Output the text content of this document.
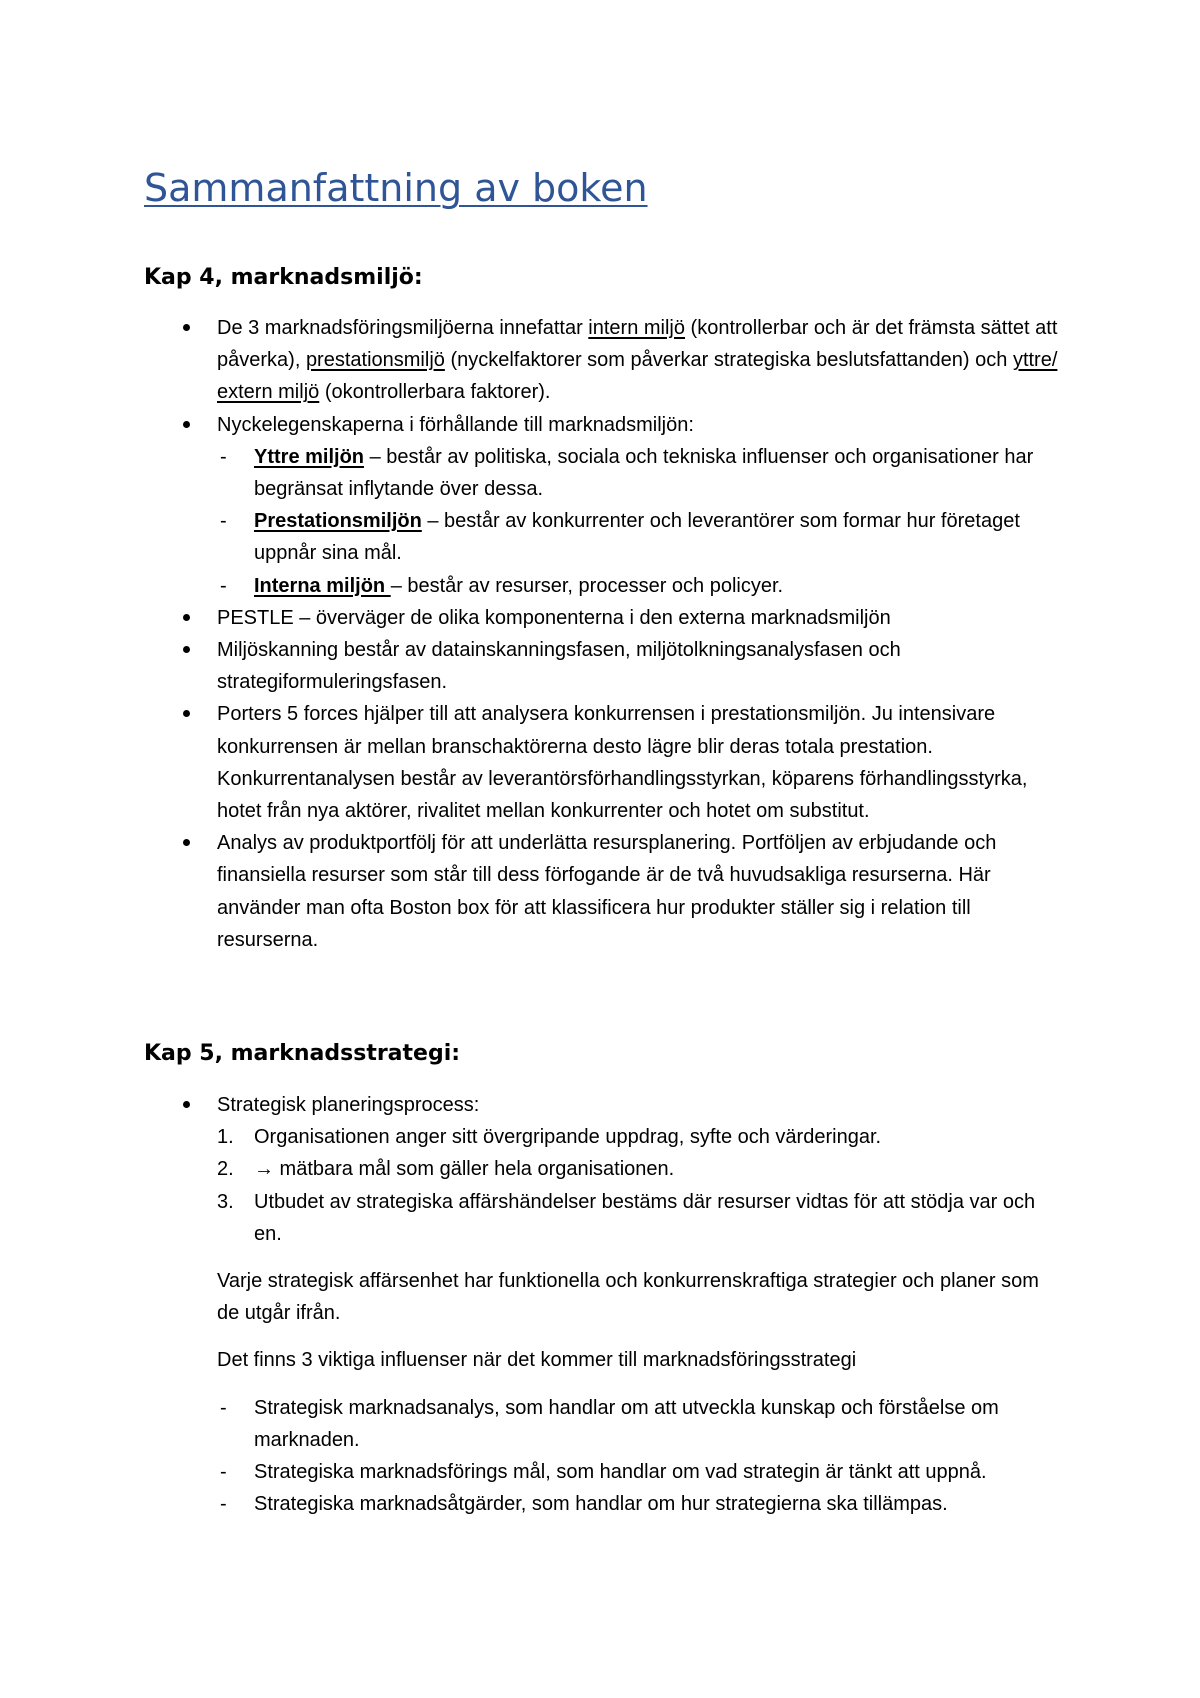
Sammanfattning av boken
Kap 4, marknadsmiljö:
De 3 marknadsföringsmiljöerna innefattar intern miljö (kontrollerbar och är det främsta sättet att påverka), prestationsmiljö (nyckelfaktorer som påverkar strategiska beslutsfattanden) och yttre/ extern miljö (okontrollerbara faktorer).
Nyckelegenskaperna i förhållande till marknadsmiljön:
- Yttre miljön – består av politiska, sociala och tekniska influenser och organisationer har begränsat inflytande över dessa.
- Prestationsmiljön – består av konkurrenter och leverantörer som formar hur företaget uppnår sina mål.
- Interna miljön – består av resurser, processer och policyer.
PESTLE – överväger de olika komponenterna i den externa marknadsmiljön
Miljöskanning består av datainskanningsfasen, miljötolkningsanalysfasen och strategiformuleringsfasen.
Porters 5 forces hjälper till att analysera konkurrensen i prestationsmiljön. Ju intensivare konkurrensen är mellan branschaktörerna desto lägre blir deras totala prestation. Konkurrentanalysen består av leverantörsförhandlingsstyrkan, köparens förhandlingsstyrka, hotet från nya aktörer, rivalitet mellan konkurrenter och hotet om substitut.
Analys av produktportfölj för att underlätta resursplanering. Portföljen av erbjudande och finansiella resurser som står till dess förfogande är de två huvudsakliga resurserna. Här använder man ofta Boston box för att klassificera hur produkter ställer sig i relation till resurserna.
Kap 5, marknadsstrategi:
Strategisk planeringsprocess:
1. Organisationen anger sitt övergripande uppdrag, syfte och värderingar.
2. → mätbara mål som gäller hela organisationen.
3. Utbudet av strategiska affärshändelser bestäms där resurser vidtas för att stödja var och en.

Varje strategisk affärsenhet har funktionella och konkurrenskraftiga strategier och planer som de utgår ifrån.

Det finns 3 viktiga influenser när det kommer till marknadsföringsstrategi

- Strategisk marknadsanalys, som handlar om att utveckla kunskap och förståelse om marknaden.
- Strategiska marknadsförings mål, som handlar om vad strategin är tänkt att uppnå.
- Strategiska marknadsåtgärder, som handlar om hur strategierna ska tillämpas.
